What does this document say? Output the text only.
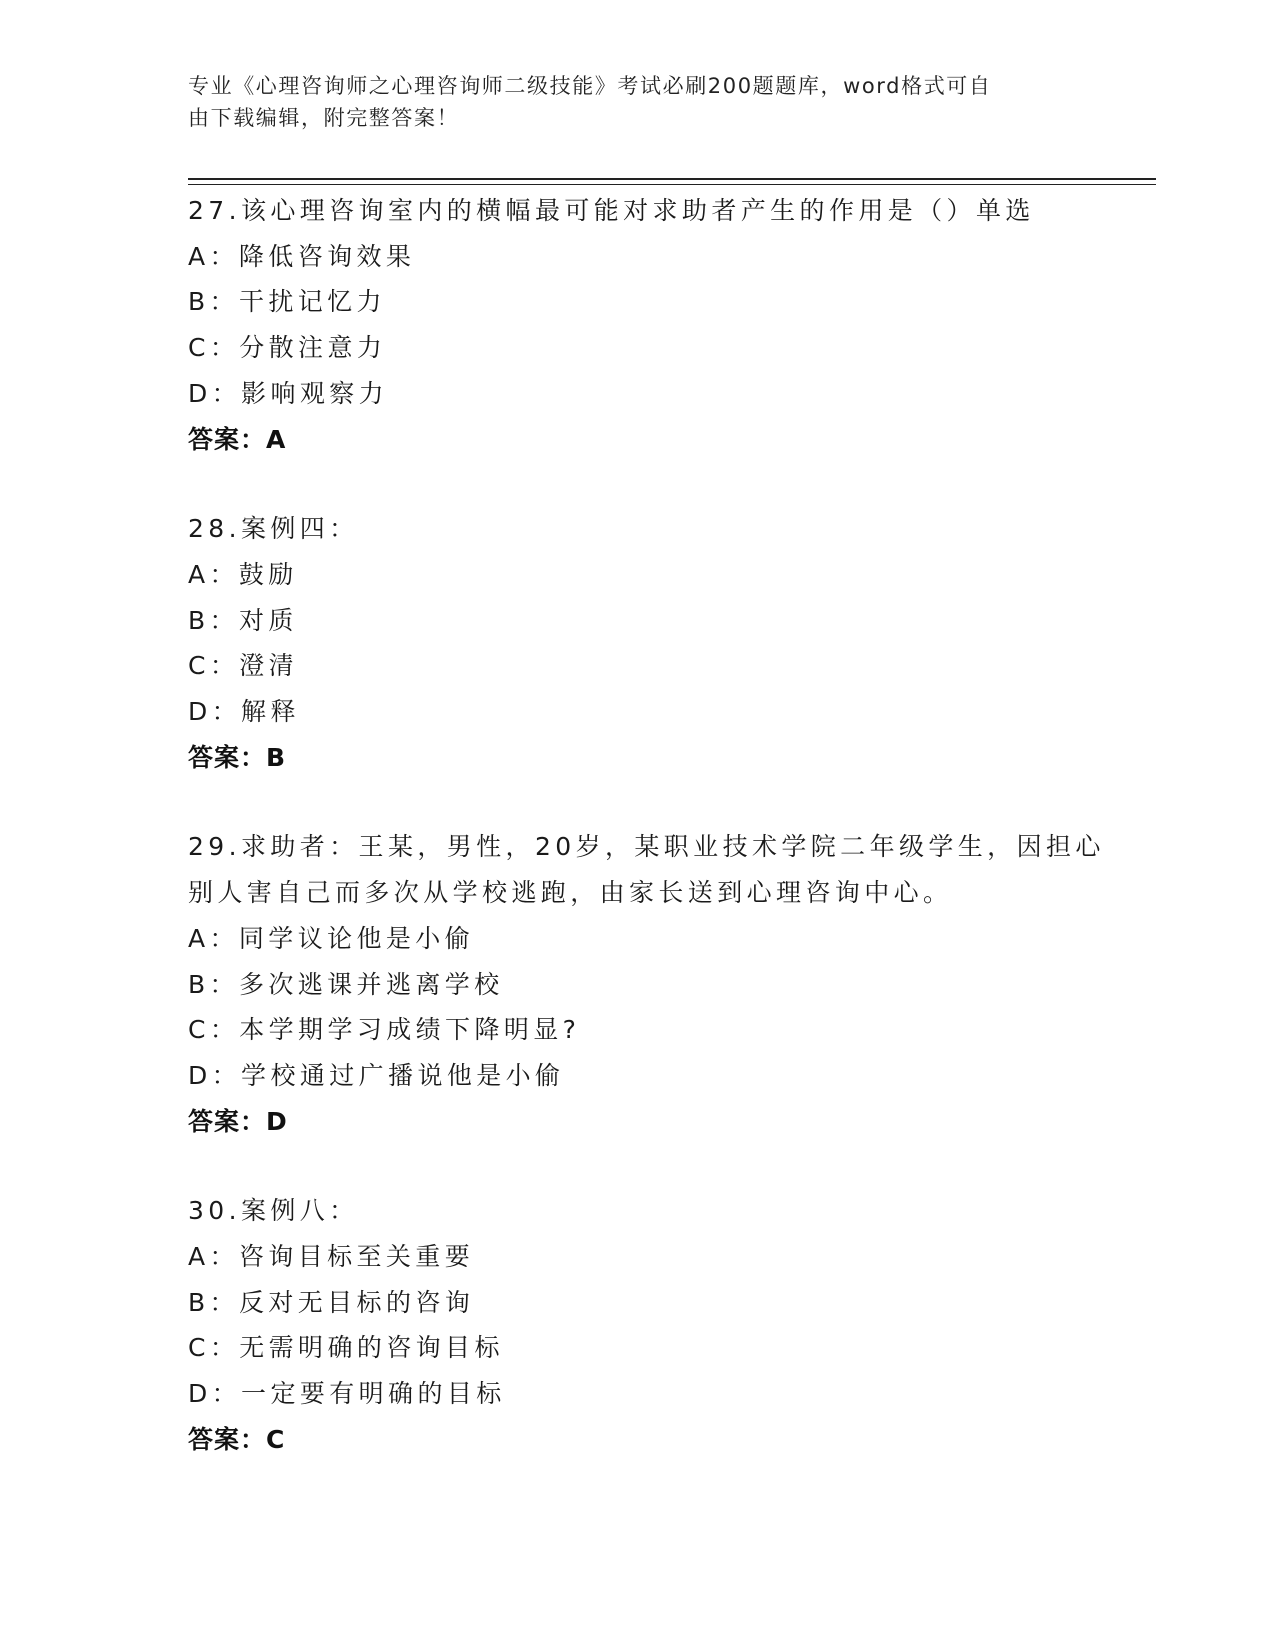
专业《心理咨询师之心理咨询师二级技能》考试必刷200题题库，word格式可自
由下载编辑，附完整答案！
27.该心理咨询室内的横幅最可能对求助者产生的作用是（）单选
A：降低咨询效果
B：干扰记忆力
C：分散注意力
D：影响观察力
答案：A
28.案例四：
A：鼓励
B：对质
C：澄清
D：解释
答案：B
29.求助者：王某，男性，20岁，某职业技术学院二年级学生，因担心
别人害自己而多次从学校逃跑，由家长送到心理咨询中心。
A：同学议论他是小偷
B：多次逃课并逃离学校
C：本学期学习成绩下降明显?
D：学校通过广播说他是小偷
答案：D
30.案例八：
A：咨询目标至关重要
B：反对无目标的咨询
C：无需明确的咨询目标
D：一定要有明确的目标
答案：C
